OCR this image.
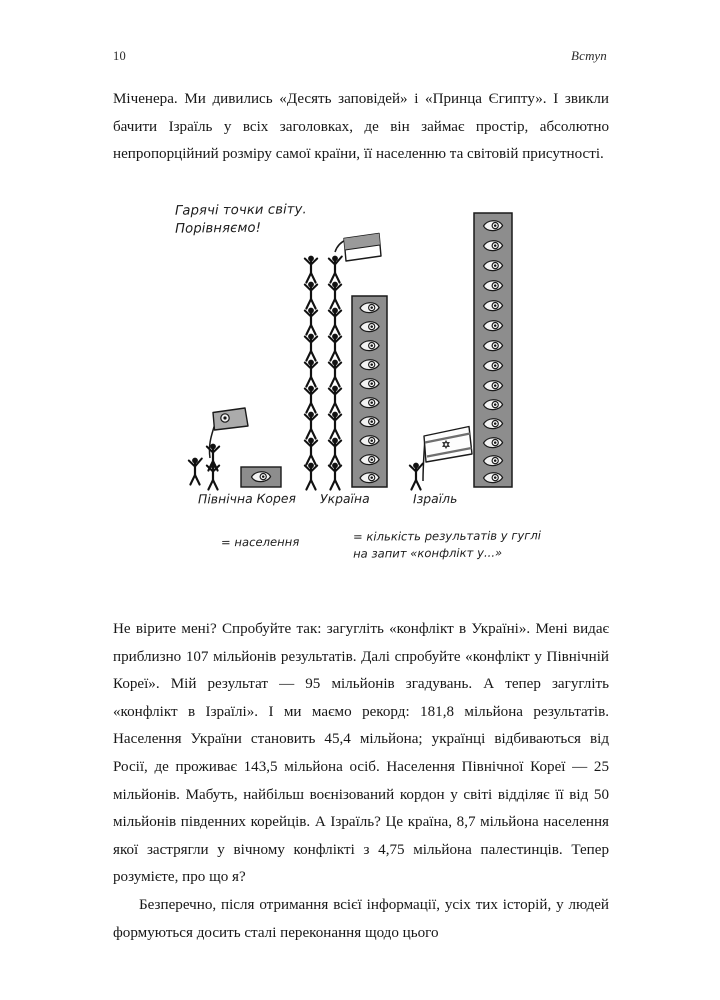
10	Вступ

Міченера. Ми дивились «Десять заповідей» і «Принца Єгипту». І звикли бачити Ізраїль у всіх заголовках, де він займає простір, абсолютно непропорційний розміру самої країни, її населенню та світовій присутності.

Гарячі точки світу.
Порівняємо!
Північна Корея Україна	Ізраїль
= населення	= кількість результатів у гуглі
на запит «конфлікт у...»

Не вірите мені? Спробуйте так: загугліть «конфлікт в Україні». Мені видає приблизно 107 мільйонів результатів. Далі спробуйте «конфлікт у Північній Кореї». Мій результат — 95 мільйонів згадувань. А тепер загугліть «конфлікт в Ізраїлі». І ми маємо рекорд: 181,8 мільйона результатів. Населення України становить 45,4 мільйона; українці відбиваються від Росії, де проживає 143,5 мільйона осіб. Населення Північної Кореї — 25 мільйонів. Мабуть, найбільш воєнізований кордон у світі відділяє її від 50 мільйонів південних корейців. А Ізраїль? Це країна, 8,7 мільйона населення якої застрягли у вічному конфлікті з 4,75 мільйона палестинців. Тепер розумієте, про що я?

Безперечно, після отримання всієї інформації, усіх тих історій, у людей формуються досить сталі переконання щодо цього
